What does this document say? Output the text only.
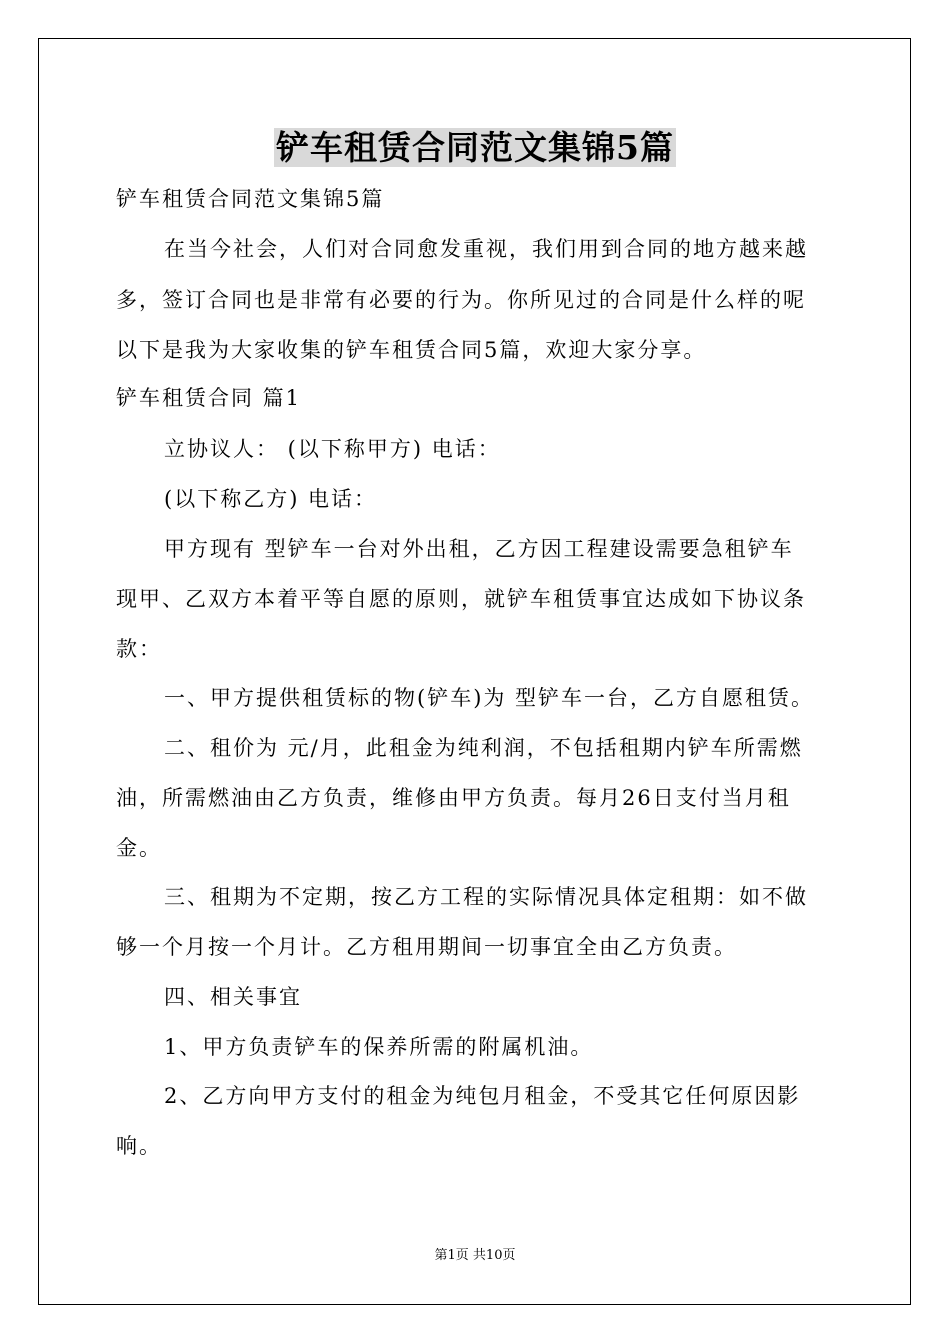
铲车租赁合同范文集锦5篇
铲车租赁合同范文集锦5篇
在当今社会，人们对合同愈发重视，我们用到合同的地方越来越
多，签订合同也是非常有必要的行为。你所见过的合同是什么样的呢
以下是我为大家收集的铲车租赁合同5篇，欢迎大家分享。
铲车租赁合同 篇1
立协议人： (以下称甲方) 电话：
(以下称乙方) 电话：
甲方现有 型铲车一台对外出租，乙方因工程建设需要急租铲车
现甲、乙双方本着平等自愿的原则，就铲车租赁事宜达成如下协议条
款：
一、甲方提供租赁标的物(铲车)为 型铲车一台，乙方自愿租赁。
二、租价为 元/月，此租金为纯利润，不包括租期内铲车所需燃
油，所需燃油由乙方负责，维修由甲方负责。每月26日支付当月租
金。
三、租期为不定期，按乙方工程的实际情况具体定租期：如不做
够一个月按一个月计。乙方租用期间一切事宜全由乙方负责。
四、相关事宜
1、甲方负责铲车的保养所需的附属机油。
2、乙方向甲方支付的租金为纯包月租金，不受其它任何原因影
响。
第1页 共10页
